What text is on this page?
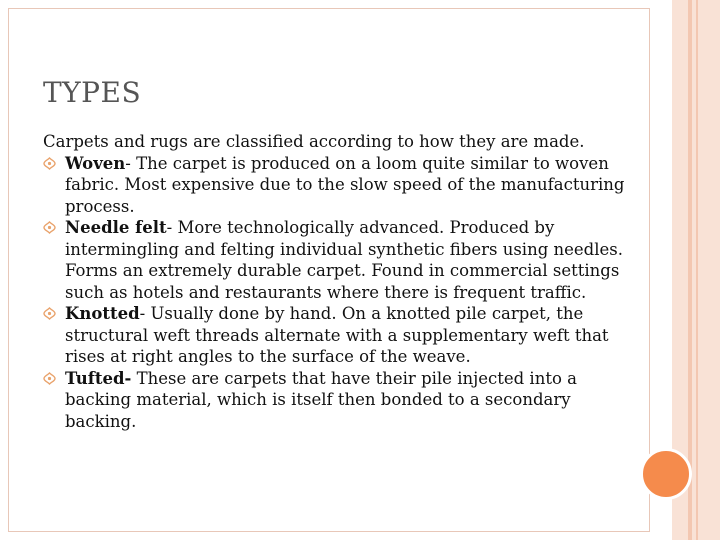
TYPES

Carpets and rugs are classified according to how they are made.

Woven- The carpet is produced on a loom quite similar to woven fabric. Most expensive due to the slow speed of the manufacturing process.

Needle felt- More technologically advanced. Produced by intermingling and felting individual synthetic fibers using needles. Forms an extremely durable carpet. Found in commercial settings such as hotels and restaurants where there is frequent traffic.

Knotted- Usually done by hand. On a knotted pile carpet, the structural weft threads alternate with a supplementary weft that rises at right angles to the surface of the weave.

Tufted- These are carpets that have their pile injected into a backing material, which is itself then bonded to a secondary backing.
